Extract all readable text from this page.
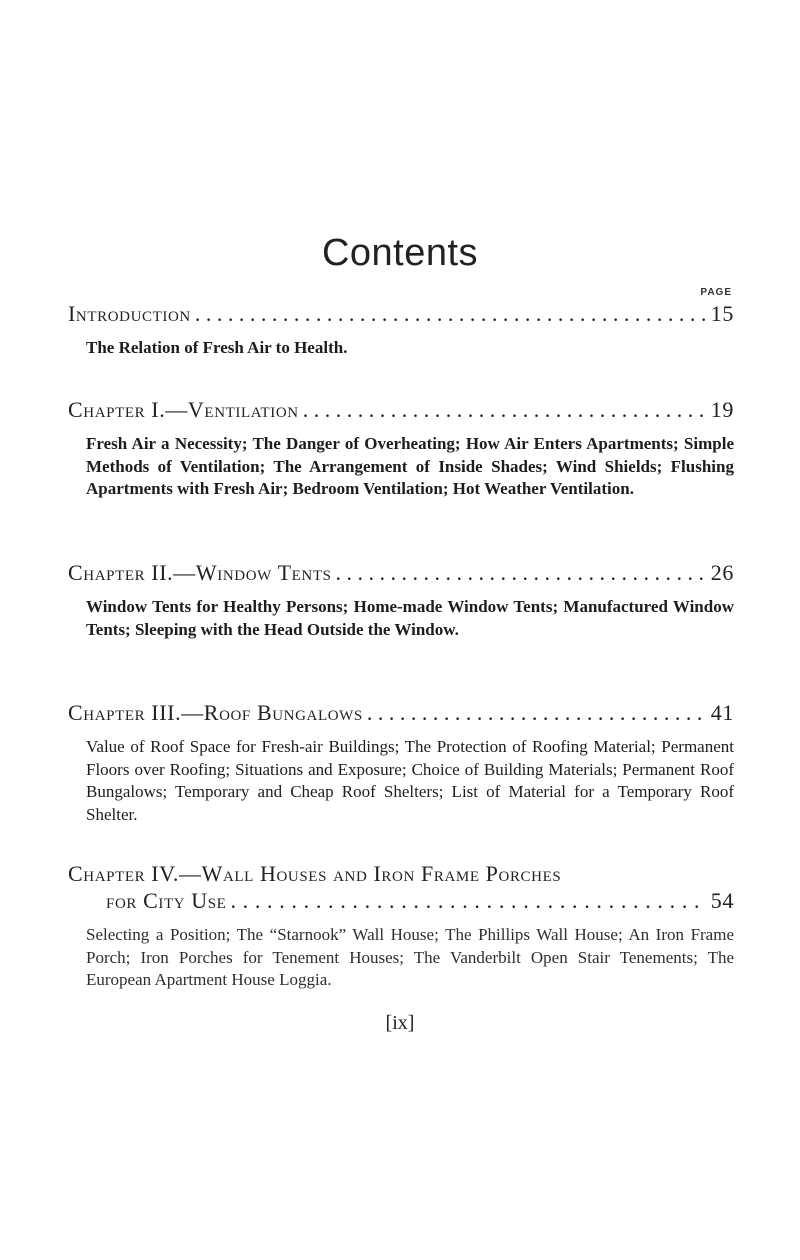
Contents
PAGE
Introduction . . .	15
The Relation of Fresh Air to Health.
Chapter I.—Ventilation . . .	19
Fresh Air a Necessity; The Danger of Overheating; How Air Enters Apartments; Simple Methods of Ventilation; The Arrangement of Inside Shades; Wind Shields; Flushing Apartments with Fresh Air; Bedroom Ventilation; Hot Weather Ventilation.
Chapter II.—Window Tents . . .	26
Window Tents for Healthy Persons; Home-made Window Tents; Manufactured Window Tents; Sleeping with the Head Outside the Window.
Chapter III.—Roof Bungalows . . .	41
Value of Roof Space for Fresh-air Buildings; The Protection of Roofing Material; Permanent Floors over Roofing; Situations and Exposure; Choice of Building Materials; Permanent Roof Bungalows; Temporary and Cheap Roof Shelters; List of Material for a Temporary Roof Shelter.
Chapter IV.—Wall Houses and Iron Frame Porches
for City Use . . .	54
Selecting a Position; The “Starnook” Wall House; The Phillips Wall House; An Iron Frame Porch; Iron Porches for Tenement Houses; The Vanderbilt Open Stair Tenements; The European Apartment House Loggia.
[ix]
